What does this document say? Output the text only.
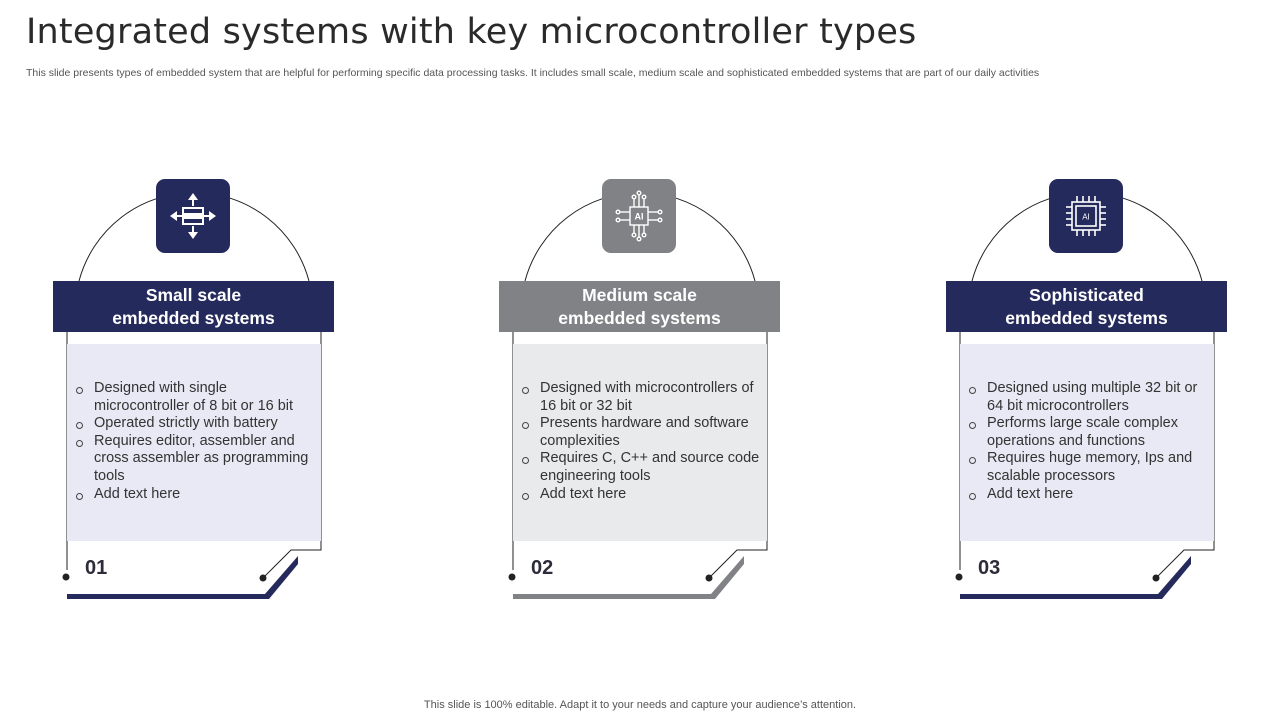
Integrated systems with key microcontroller types
This slide presents types of embedded system that are helpful for performing specific data processing tasks. It includes small scale, medium scale and sophisticated embedded systems that are part of our daily activities
Small scale
embedded systems
Designed with single microcontroller of 8 bit or 16 bit
Operated strictly with battery
Requires editor, assembler and cross assembler as programming tools
Add text here
01
AI
Medium scale
embedded systems
Designed with microcontrollers of 16 bit or 32 bit
Presents hardware and software complexities
Requires C, C++ and source code engineering tools
Add text here
02
AI
Sophisticated
embedded systems
Designed using multiple 32 bit or 64 bit microcontrollers
Performs large scale complex operations and functions
Requires huge memory, Ips and scalable processors
Add text here
03
This slide is 100% editable. Adapt it to your needs and capture your audience’s attention.
